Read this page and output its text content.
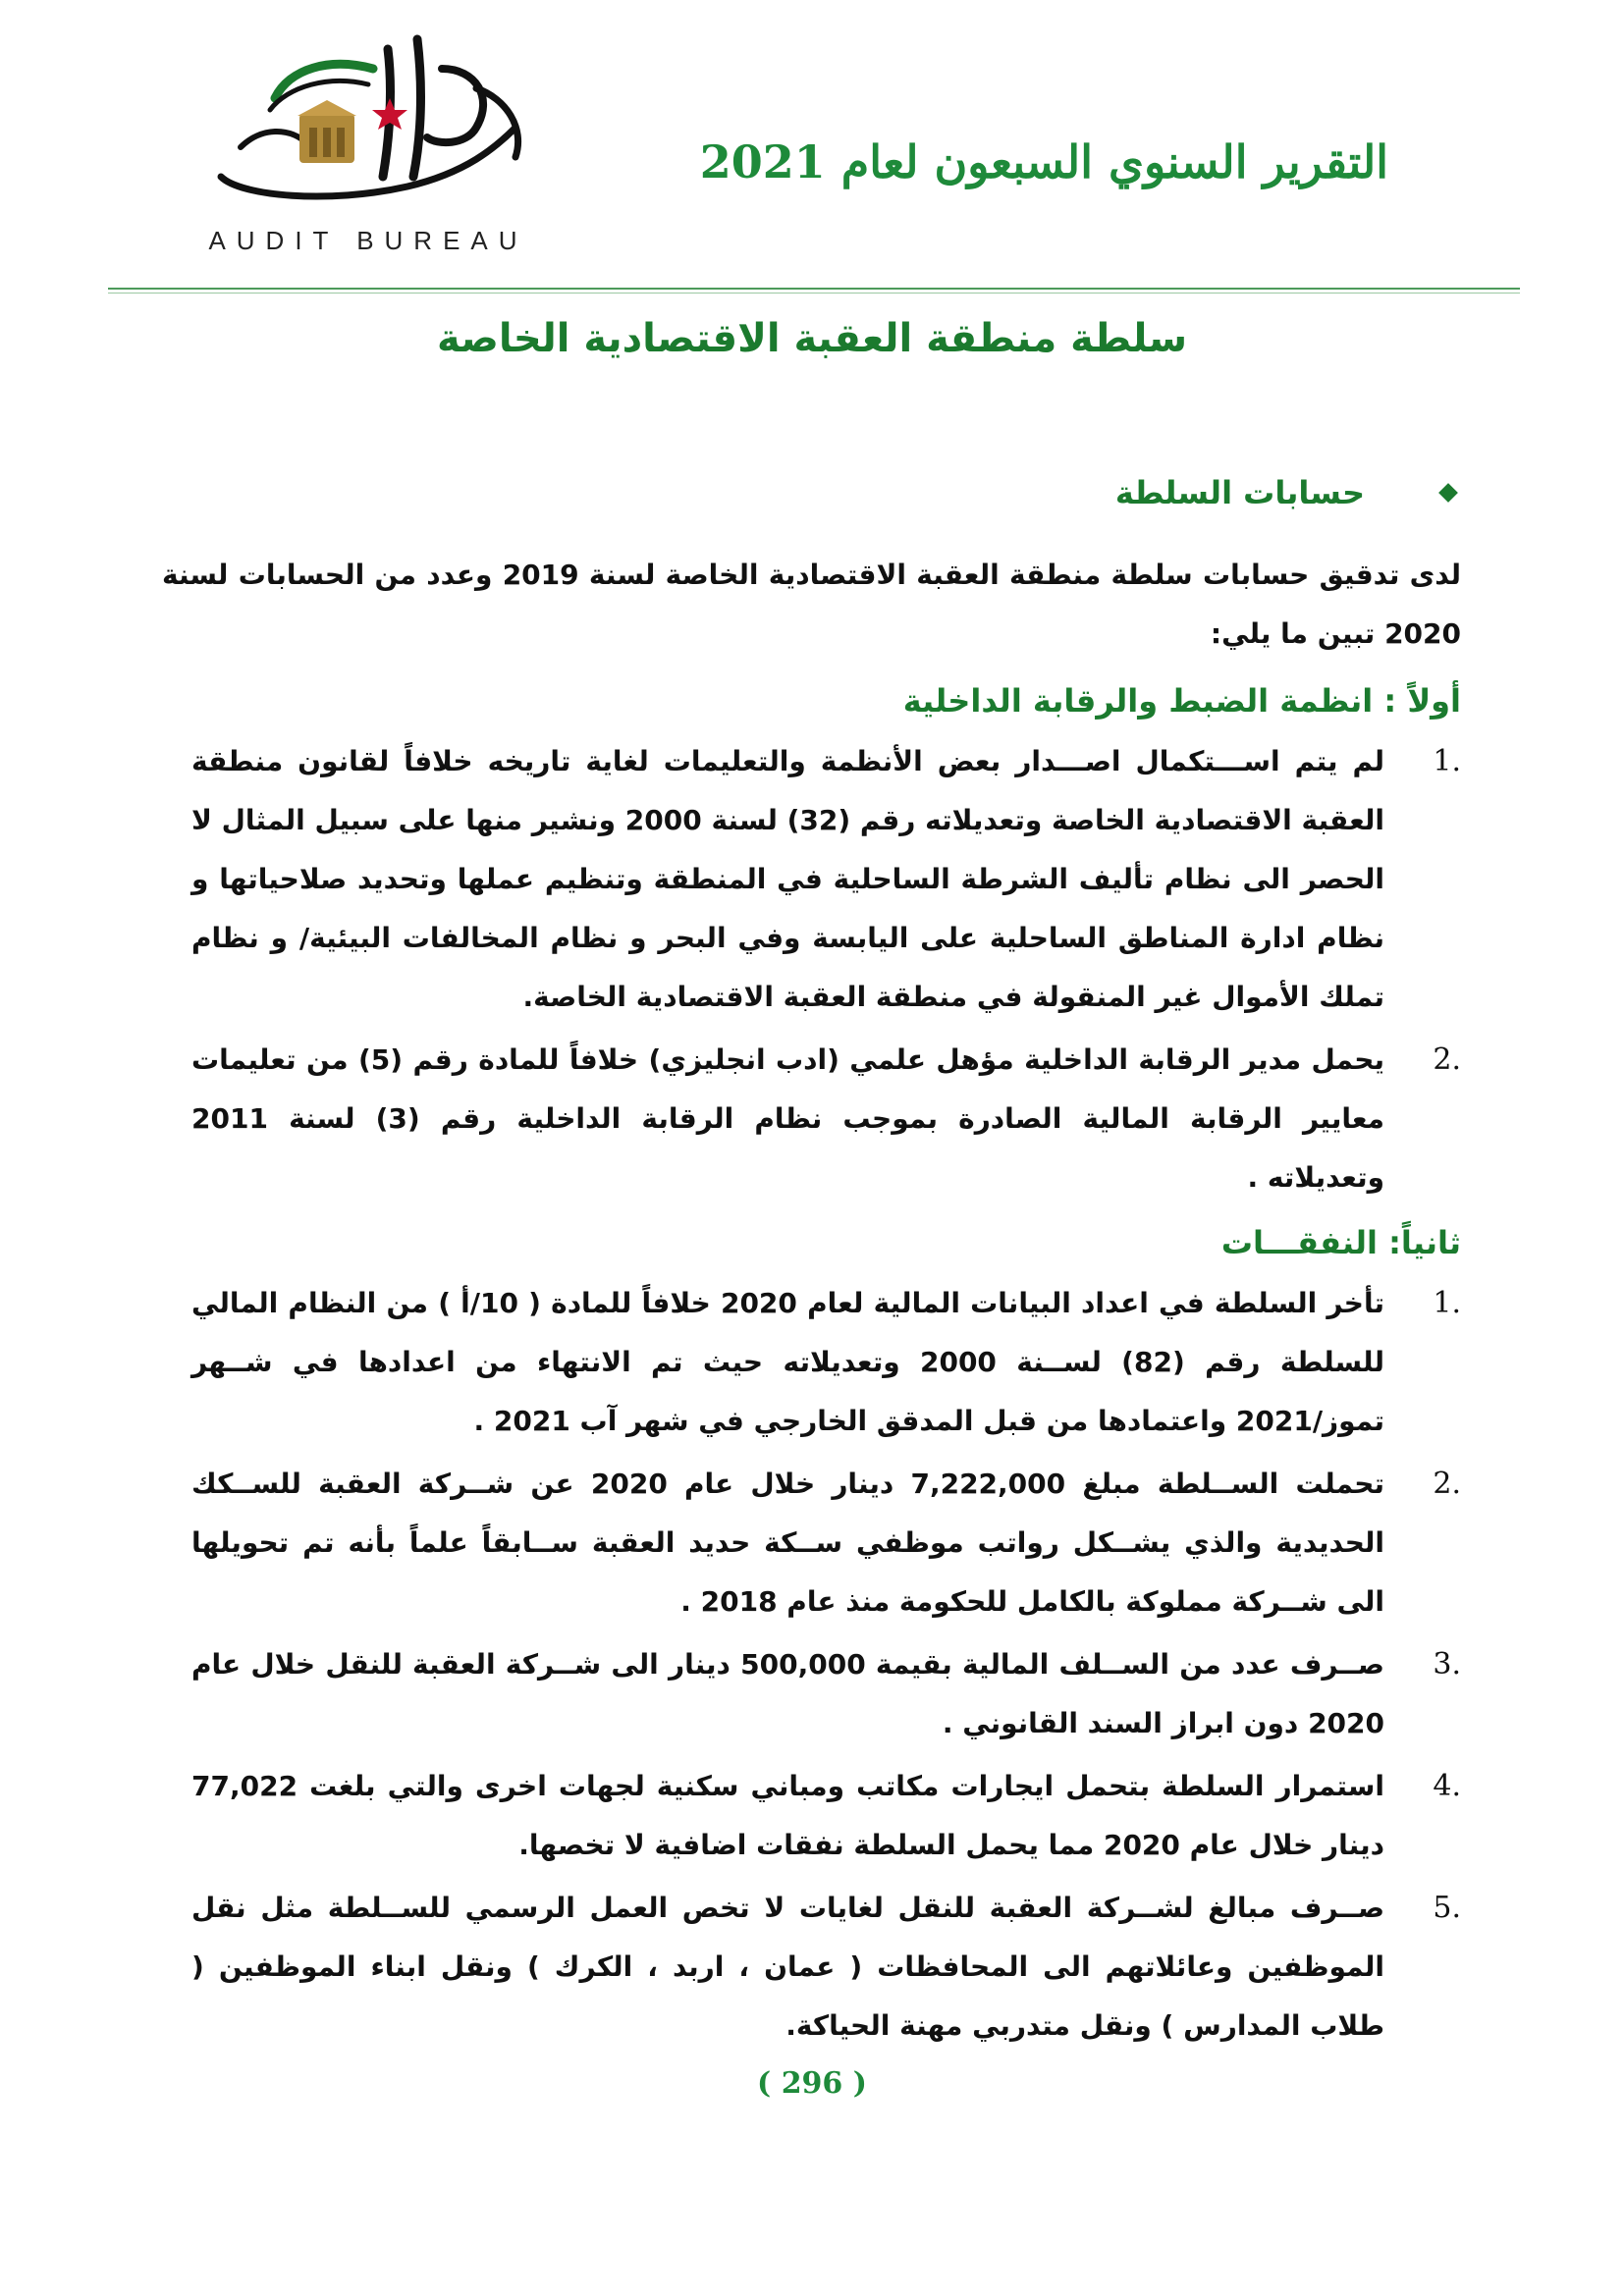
AUDIT BUREAU
التقرير السنوي السبعون لعام 2021
سلطة منطقة العقبة الاقتصادية الخاصة
حسابات السلطة
لدى تدقيق حسابات سلطة منطقة العقبة الاقتصادية الخاصة لسنة 2019 وعدد من الحسابات لسنة 2020 تبين ما يلي:
أولاً : انظمة الضبط والرقابة الداخلية
.1
لم يتم اســـتكمال اصـــدار بعض الأنظمة والتعليمات لغاية تاريخه خلافاً لقانون منطقة العقبة الاقتصادية الخاصة وتعديلاته رقم (32) لسنة 2000 ونشير منها على سبيل المثال لا الحصر الى نظام تأليف الشرطة الساحلية في المنطقة وتنظيم عملها وتحديد صلاحياتها و نظام ادارة المناطق الساحلية على اليابسة وفي البحر و نظام المخالفات البيئية/ و نظام تملك الأموال غير المنقولة في منطقة العقبة الاقتصادية الخاصة.
.2
يحمل مدير الرقابة الداخلية مؤهل علمي (ادب انجليزي) خلافاً للمادة رقم (5) من تعليمات معايير الرقابة المالية الصادرة بموجب نظام الرقابة الداخلية رقم (3) لسنة 2011 وتعديلاته .
ثانياً: النفقـــات
.1
تأخر السلطة في اعداد البيانات المالية لعام 2020 خلافاً للمادة ( 10/أ ) من النظام المالي للسلطة رقم (82) لســنة 2000 وتعديلاته حيث تم الانتهاء من اعدادها في شــهر تموز/2021 واعتمادها من قبل المدقق الخارجي في شهر آب 2021 .
.2
تحملت الســلطة مبلغ 7,222,000 دينار خلال عام 2020 عن شــركة العقبة للســكك الحديدية والذي يشــكل رواتب موظفي ســكة حديد العقبة ســابقاً علماً بأنه تم تحويلها الى شــركة مملوكة بالكامل للحكومة منذ عام 2018 .
.3
صــرف عدد من الســلف المالية بقيمة 500,000 دينار الى شــركة العقبة للنقل خلال عام 2020 دون ابراز السند القانوني .
.4
استمرار السلطة بتحمل ايجارات مكاتب ومباني سكنية لجهات اخرى والتي بلغت 77,022 دينار خلال عام 2020 مما يحمل السلطة نفقات اضافية لا تخصها.
.5
صــرف مبالغ لشــركة العقبة للنقل لغايات لا تخص العمل الرسمي للســلطة مثل نقل الموظفين وعائلاتهم الى المحافظات ( عمان ، اربد ، الكرك ) ونقل ابناء الموظفين ( طلاب المدارس ) ونقل متدربي مهنة الحياكة.
( 296 )
